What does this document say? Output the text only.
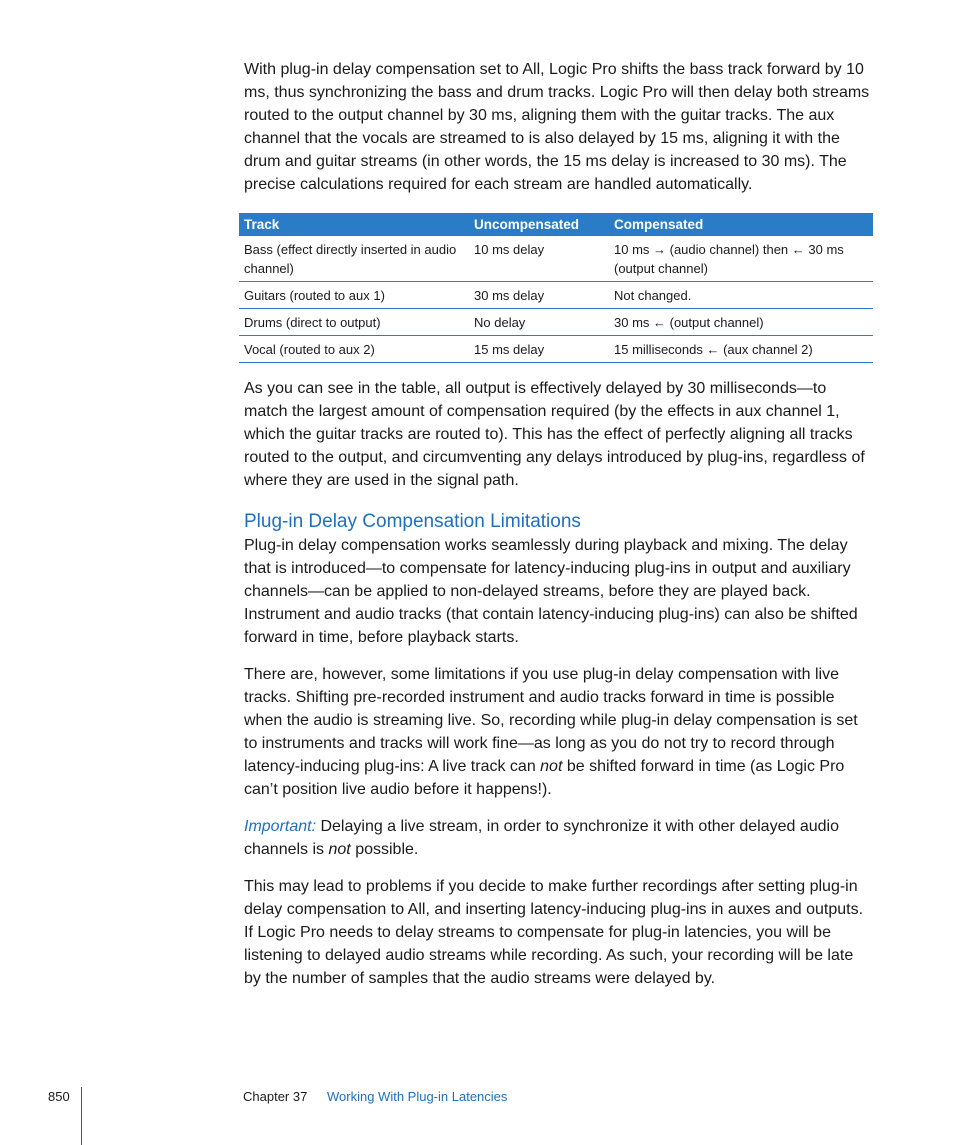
With plug-in delay compensation set to All, Logic Pro shifts the bass track forward by 10 ms, thus synchronizing the bass and drum tracks. Logic Pro will then delay both streams routed to the output channel by 30 ms, aligning them with the guitar tracks. The aux channel that the vocals are streamed to is also delayed by 15 ms, aligning it with the drum and guitar streams (in other words, the 15 ms delay is increased to 30 ms). The precise calculations required for each stream are handled automatically.

Track	Uncompensated	Compensated
Bass (effect directly inserted in audio channel)	10 ms delay	10 ms → (audio channel) then ← 30 ms (output channel)
Guitars (routed to aux 1)	30 ms delay	Not changed.
Drums (direct to output)	No delay	30 ms ← (output channel)
Vocal (routed to aux 2)	15 ms delay	15 milliseconds ← (aux channel 2)

As you can see in the table, all output is effectively delayed by 30 milliseconds—to match the largest amount of compensation required (by the effects in aux channel 1, which the guitar tracks are routed to). This has the effect of perfectly aligning all tracks routed to the output, and circumventing any delays introduced by plug-ins, regardless of where they are used in the signal path.

Plug-in Delay Compensation Limitations

Plug-in delay compensation works seamlessly during playback and mixing. The delay that is introduced—to compensate for latency-inducing plug-ins in output and auxiliary channels—can be applied to non-delayed streams, before they are played back. Instrument and audio tracks (that contain latency-inducing plug-ins) can also be shifted forward in time, before playback starts.

There are, however, some limitations if you use plug-in delay compensation with live tracks. Shifting pre-recorded instrument and audio tracks forward in time is possible when the audio is streaming live. So, recording while plug-in delay compensation is set to instruments and tracks will work fine—as long as you do not try to record through latency-inducing plug-ins: A live track can not be shifted forward in time (as Logic Pro can’t position live audio before it happens!).

Important: Delaying a live stream, in order to synchronize it with other delayed audio channels is not possible.

This may lead to problems if you decide to make further recordings after setting plug-in delay compensation to All, and inserting latency-inducing plug-ins in auxes and outputs. If Logic Pro needs to delay streams to compensate for plug-in latencies, you will be listening to delayed audio streams while recording. As such, your recording will be late by the number of samples that the audio streams were delayed by.

850	Chapter 37 Working With Plug-in Latencies
